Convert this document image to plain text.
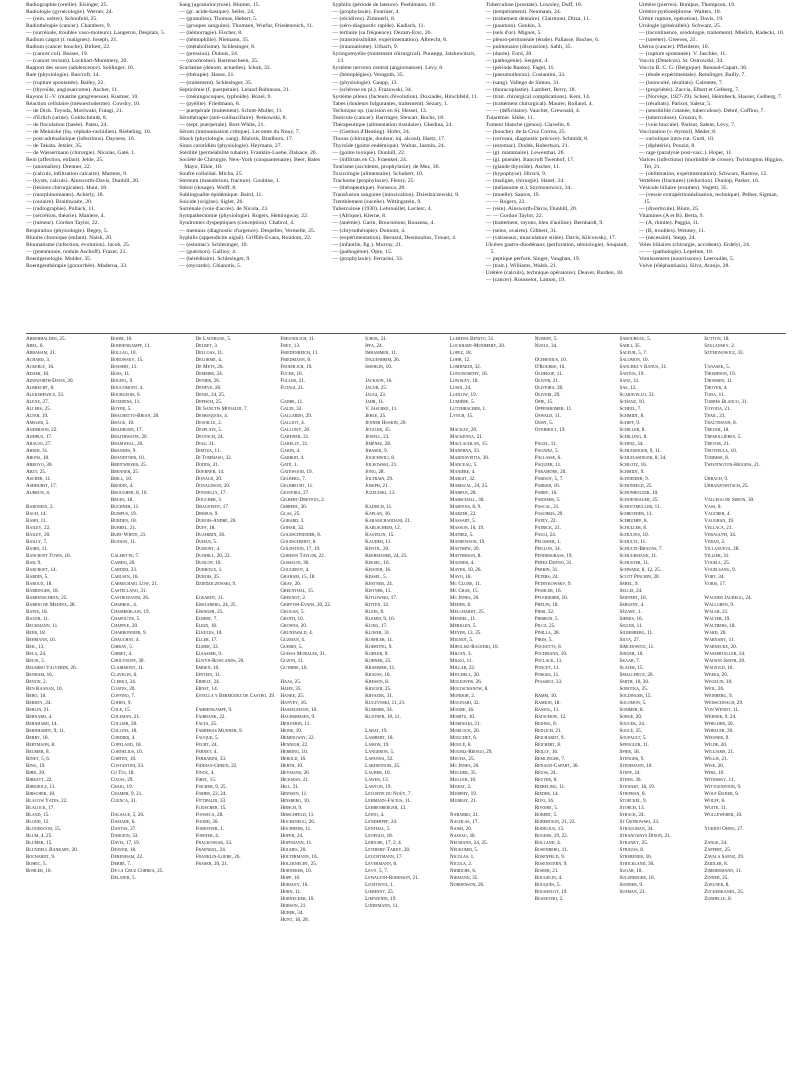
Radiographie (oreille). Eisinger, 25.
Radiologie (gynécologie). Werner, 24.
— (rein, urètre). Schonfeld, 25.
Radiothérapie (cancer). Chambers, 9.
— (surrénale, troubles vaso-moteurs). Langeron, Desplats, 5.
Radium catgut (t. malignes). Joseph, 21.
Radium (cancer bouche). Birkett, 22.
— (cancer col). Busser, 19.
— (cancer rectum). Lockhart-Mummery, 20.
Rapport des sexes (adolescence). Soldinger, 16.
Rate (physiologie). Barcroft, 14.
— (rupture spontanée). Bailey, 22.
— (thyroïde, angiosarcome). Ascher, 11.
Rayons U.-V. (mastite gangreneuse). Kustner, 10.
Réaction cellulaire (mésoectoderme). Cowdry, 10.
— de Dick. Toyoda, Moriwaki, Futagi, 21.
— d'Erlich (urine). Goldschmidt, 8.
— de floculation (basée). Pateu, 24.
— de Meinicke (liq. céphalo-rachidien). Riebeling, 10.
— post-adrénalinique (infections). Dayness, 16.
— de Takata. Jetzler, 35.
— de Wassermann (chirurgie). Nicolas, Gaté, 1.
Rein (affection, enfant). Jehle, 25.
— (anomalies). Drenner, 22.
— (calculs, infiltration calcaire). Martens, 9.
— (kyste, calculs). Ainsworth-Davis, Dunhill, 20.
— (lésions chirurgicales). Hunt, 18.
— (morphinomanes). Ackerly, 18.
— (ouraire). Braithwaite, 20.
— (radiographie). Pollack, 11.
— (sécrétion, théorie). Maniere, 4.
— (tumeur). Gordon Taylor, 22.
Respiration (physiologie). Begey, 5.
Rhinite chronique (enfant). Naish, 20.
Rhumatisme (infection, évolution). Jacob, 25.
— (pneumonie, nodule Aschoff). Frazer, 21.
Roentgenologie. Mulder, 35.
Roentgenthérapie (gonorrhée). Maderna, 33.
Sang (agranulocytose). Blumer, 15.
— (gr. acide-basique). Sellei, 24.
— (granulies). Thomas, Hebert, 5.
— (groupes sanguins). Thomsen, Wurfar, Friedenreich, 11.
— (hémorragie). Fischer, 8.
— (hémophilie). Niemann, 35.
— (métabolisme). Schlesinger, 8.
— (pression). Dubois, 24.
— (urochrome). Barrenscheen, 25.
Scarlatine (dénom. actuelles). Ichok, 32.
— (thérapie). Hasse, 21.
— (traitement). Schlesinger, 35.
Septicémie (f. puerpérale). Leland Robinson, 21.
— (méningocoques, typhoïde). Bozel, 9.
— (pyélite). Friedmann, 8.
— puerpérale (traitement). Schott-Muller, 11.
Sérothérapie (anti-colibacillaire). Petkowski, 8.
— (sept. puerpérale). Burt-White, 21.
Sérum (immunisation critique). Lecomte du Nouy, 7.
Shock (physiologie, sang). Blalock, Bradburn, 17.
Sinus carotidien (physiologie). Heymans, 27.
Stérilité (perméabilité tubaire). Franklin-Loebe, Dalsace, 26.
Société de Chirurgie, New-York (cinquantenaire). Beer, Bates Mayo, Elkie, 18.
Soufre colloïdal. Micha, 25.
Sternum (manubrium, fracture). Goubine, 1.
Stérol (dosage). Wolff, 8.
Sublingualite épidémique. Baird, 11.
Suicide (origine). Sigler, 26.
Surrénale (voie d'accès). de Nicola, 23.
Sympathectomie (physiologie). Rogers, Hemingway, 22.
Syndromes dyspeptiques (conception). Chabrol, 4.
— mentaux (diagnostic d'urgence). Despeller, Vermelle, 25.
Syphilis (appendicite aiguë). Griffith-Evans, Roudom, 22.
— (estomac). Schlesinger, 10.
— (guérison). Gallioy, 4.
— (héréditaire). Schlesinger, 9.
— (mycarde). Chianotis, 5.
Syphilis (période de latence). Poehlmann, 10.
— (prophylaxie). Fournier, 4.
— (récidives). Zimmerli, 8.
— (séro-diagnostic rapide). Kadisch, 11.
— tertiaire (sa fréquence). Dezam-Ersc, 26.
— (transmissibilité, expérimentation). Albrecht, 8.
— (traumatisme). Urbach, 9.
Syringomyélie (traitement chirurgical). Puusepp, Jatzkewitsch, 13.
Système nerveux central (angiomatose). Levy, 8.
— (hémiplégies). Veraguth, 35.
— (physiologie). Gaupp, 13.
— (sclérose en pl.). Frazowski, 34.
Système pileux (facteurs d'évolution). Doxiadès, Hirschfeld, 11.
Tabes (douleurs fulgurantes, traitement). Sézary, 1.
Technique op. (incision en S). Hessel, 13.
Testicule (cancer). Barringer, Stewart, Bochs, 18.
Thérapeutique (alimentation tissulaire). Ghedina, 24.
— (Gestion d'Heating). Hofer, 24.
Thorax (chirurgie, douleur, inj. alcool). Hartz, 17.
Thyroïde (goitre endémique). Walras, Jasmin, 24.
— (goitre toxique). Dunhill, 22.
— (infiltrats en C). Fraenkel, 24.
Tourisme (accidents, prophylaxie). de Mez, 36.
Toxicologie (alimentaire). Schubert, 10.
Trachome (prophylaxie). Fleury, 25.
— (thérapeutique). Fonseca, 28.
Transfusion sanguine (intoxication). Dziedziczewski, 9.
Tremblement (sucelie). Wittingstein, 9.
Tuberculose (1930). Lebrouillet, Leclerc, 4.
— (Afrique). Klerne, 8.
— (anémie). Garin, Boucomont, Rouzeau, 4.
— (chrysothérapie). Dumont, 4.
— (expérimentation). Bernard, Desmoulins, Trouer, 4.
— (infantile, fig.). Murray, 21.
— (pathogénie). Opie, 15.
— (prophylaxie). Ferrarini, 33.
Tuberculose (prostate). Lowsley, Duff, 18.
— (tempérament). Neumann, 24.
— (traitement dentaire). Clairmont, Ditza, 11.
— (poumon). Genkin, 3.
— (sels d'or). Mignot, 5.
— pleuro-péritonéale (étude). Pallasse, Bocher, 6.
— pulmonaire (discussion). Sahli, 35.
— (durée). Ford, 20.
— (pathogénie). Sergent, 4.
— (période Ranke). Fagel, 11.
— (pneumothorax). Costantini, 33.
— (sang). Vallego de Simon, 31.
— (thoracoplastie). Lambert, Berry, 18.
— (trait. chirurgical complications). Kent, 14.
— (traitement chirurgical). Maurer, Rolland, 4.
— — (déficitaire). Vaucher, Grewnald, 4.
Tularémie. Sikke, 11.
Tumeur blanche (genou). Clavelin, 6.
— (bouche). de la Cruz Correa, 25.
— (cerveau, diagnostic précoce). Schmidt, 8.
— (estomac). Dodds, Robertson, 21.
— (gl. mammaire). Lewenthal, 26.
— (gl. pinéale). Bancroft Twenhof, 17.
— (glande thyroïde). Ascher, 11.
— (hypophyse). Hirsch, 9.
— (maligne, chirurgie). Hanel, 24.
— (mélanome st.). Szymonowicz, 34.
— (moelle). Santos, 19.
— — Rogers, 22.
— (rein). Ainsworth-Davis, Dunhill, 20.
— — Gordon Taylor, 22.
— (traitement, rayons, bleu d'aniline). Bernhardt, 9.
— (seins, ovaires). Gibbert, 31.
— (vaisseaux, musculature striée). Davis, Kilcowsky, 17.
Ulcères gastro-duodénaux (perforation, sémiologie). Soupault, 5.
— peptique perforé. Singer, Vaughan, 19.
— (trait.). Williams, Walsh, 21.
Urétère (calculs), technique opératoire). Deaver, Burden, 18.
— (cancer). Rousselot, Lamon, 19.
Urétère (pierres). Bumpus, Thompson, 19.
Urétéro-pyélonéphrose. Walters, 18.
Urètre rupture, opération). Davis, 19.
Urologie (généralités). Schwarz, 25.
— (incontinence, urodologie, traitement). Mielich, Radecki, 10.
— (ureéter). Greeves, 21.
Utérus (cancer). Pfleiderer, 10.
— (rupture spontanée). V. Jaschke, 11.
Vaccin (Dmelcos). St. Ostrowski, 34.
Vaccin B. C. G. (Belgique). Renaud-Capart, 36.
— (étude expérimentale). Remlinger, Bailly, 7.
— (innocuité, résultats). Calmette, 7.
— (propriétés). Zaccia, Elbert et Gelberg, 7.
— (Norvège, 1927-29). Scheel, Heimbeck, Hauser, Gelberg, 7.
— (résultats). Parisot, Saleur, 5.
— (sensibilité cutanée, tuberculose). Debré, Coffino, 7.
— (tuberculose). Gruzon, 6.
— (voie buccale). Parisot, Saleur, Levy, 7.
Vaccination (v. étymol). Meder, 8.
— variolique intra-cut. Gurti, 10.
— (diphtérie). Pouzin, 8.
— rage (paralysie post-vacc.). Hoper, 11.
Varices (infections) (morbidité de crosse). Twistington Higgins, Tel, 21.
— (oblitération, expérimentation). Schwarz, Rastow, 12.
Vertèbres (fractures) (réduction). Dunlop, Parker, 16.
Vésicule biliaire (examen). Vegetti, 35.
— (vessie extrapéritonéalisation, technique). Pelber, Sigman, 15.
— (diverticule). Blum, 25.
Vitamines (A et B). Berta, 9.
— (A, rhinite). Paggia, 11.
— (B, troubles). Wenney, 11.
— (nécessité). Stepp, 24.
Voies biliaires (chirurgie, accidents). Erdelyi, 24.
— — (pathologie). Lepehne, 10.
Vomissement (nourrissons). Leeroullet, 5.
Vulve (éléphantiasis). Silva, Aranjo, 28.
Abderhalden, 25.
Abel, 6.
Abraham, 21.
Achard, 3.
Ackerly, 16.
Adami, 10.
Ainsworth-Davis, 20.
Albrecht, 8.
Alekshewicz, 33.
Alexe, 27.
Allers, 25.
Alter, 19.
Amsler, 5.
Anderson, 22.
Andrus, 17.
Araujo, 27.
Ardid, 31.
Arons, 18.
Arroyo, 30.
Arzt, 25.
Ascher, 11.
Ashhurst, 17.
Aubrun, 4.

Baboneix, 2.
Bach, 14.
Bahn, 11.
Bailey, 22.
Bailey, 20.
Bailly, 7.
Baird, 11.
Bancroft Town, 18.
Bar, 9.
Barcroft, 14.
Bardin, 5.
Baroux, 18.
Barringer, 18.
Barrenscheen, 25.
Barrio de Medina, 28.
Bates, 18.
Bauer, 11.
Beckmann, 11.
Beer, 18.
Behmann, 10.
Beil, 13.
Bela, 24.
Belin, 5.
Belmiro Valverde, 26.
Benham, 16.
Benon, 2.
Ben Raanan, 10.
Bero, 16.
Berkey, 24.
Berlin, 21.
Bernard, 4.
Bernhard, 14.
Bernhardt, 9, 11.
Berry, 18.
Bertmann, 8.
Beumer, 8.
Binet, 5, 6.
Bing, 19.
Bird, 20.
Birkett, 22.
Birkholz, 11.
Birscher, 10.
Blacow Yates, 22.
Blalock, 17.
Bland, 15.
Blond, 12.
Bloodgood, 15.
Blum, 4, 25.
Blumer, 15.
Blundell Bankart, 20.
Bochardt, 9.
Bohec, 5.
Bohler, 10.
Bohm, 10.
Bohnenkampf, 11.
Bollag, 10.
Borowsky, 15.
Bossert, 11.
Boss, 11.
Boufel, 9.
Boucomont, 4.
Bourgeois, 6.
Boxidens, 11.
Boyer, 5.
Brachetto-Brian, 28.
Brack, 10.
Bradburn, 17.
Braithwaite, 20.
Bramwell, 20.
Brandes, 9.
Brandtner, 10.
Breitwieser, 25.
Brenner, 25.
Brill, 10.
Brodin, 4.
Brougher, 8, 10.
Brues, 18.
Buchner, 11.
Bumpus, 19.
Burden, 18.
Burrel, 21.
Burt-White, 21.
Busson, 11.

Calmette, 7.
Camesi, 20.
Cardini, 23.
Carlsen, 16.
Carmichael Low, 21.
Castellano, 31.
Castrodanni, 26.
Chabrol, 4.
Chamberlain, 19.
Chapoutis, 5.
Chapple, 20.
Charbonnier, 9.
Chauchat, 4.
Chiray, 5.
Chiret, 4.
Cholitsoff, 30.
Clairmont, 11.
Clavelin, 6.
Clerici, 34.
Coates, 20.
Coffino, 7.
Cohen, 9.
Cole, 15.
Coleman, 21.
Collier, 20.
Collins, 18.
Cordier, 4.
Copeland, 18.
Cornelius, 10.
Corten, 10.
Costantini, 33.
Co Tui, 18.
Cozas, 29.
Craig, 19.
Cramer, 9, 21.
Cuenca, 31.

Dalsace, 5, 26.
Damade, 6.
Dantas, 27.
Dargein, 33.
Davis, 17, 19.
Deaver, 18.
Debenham, 22.
Debré, 7.
De la Cruz Correa, 25.
Delater, 5.
De Lavergne, 5.
Delbet, 3.
Delloas, 11.
Delorme, 4.
De Mets, 26.
Demmer, 24.
Denier, 26.
Denève, 26.
Deniz, 24, 25.
Depisch, 25.
De Sanctis Monaldi, 7.
Desboquois, 4.
Desoille, 2.
Desplats, 5.
Deutsch, 24.
Diaz, 31.
Dimtza, 11.
Di Tommaso, 32.
Dodds, 21.
Doerner, 14.
Donald, 20.
Donaldson, 20.
Donnelly, 17.
Doucher, 3.
Dragstedt, 17.
Drebus, 9.
Dubois-André, 26.
Duff, 18.
Dujardin, 26.
Duhan, 5.
Dumont, 4.
Dunhill, 20, 22.
Dunlop, 16.
Durroux, 1.
Dubois, 25.
Dziedziczewski, 9.

Eckardt, 11.
Eiselsberg, 24, 25.
Eisinger, 25.
Elbert, 7.
Elkin, 18.
Elkeles, 10.
Eller, 17.
Elmer, 33.
Elsasser, 9.
Elwyn-Rowlands, 20.
Emden, 10.
Epstein, 11.
Erbelt, 24.
Ernst, 14.
Estella y Bermúdez de Castro, 29.

Fahrenkampf, 9.
Fairbank, 22.
Falta, 25.
Farreras Munner, 9.
Fauque, 5.
Fecht, 24.
Fernet, 4.
Ferrarini, 33.
Fiddian-Green, 22.
Finck, 4.
First, 15.
Fischer, 9, 25.
Fisher, 22, 24.
Fittipaldi, 33.
Fleischer, 15.
Fonseca, 28.
Foord, 20.
Forestier, 1.
Fortier, 4.
Frackowiak, 33.
Fraenkel, 24.
Franklin-Loebe, 26.
Fraser, 20, 21.
Freundlich, 11.
Frey, 13.
Friedenreich, 11.
Friedmann, 8.
Froehlich, 10.
Fuchs, 10.
Fuller, 21.
Futagi, 21.

Gabbe, 11.
Galdi, 32.
Gallardo, 29.
Galliot, 4.
Gallowy, 20.
Gardner, 21.
Garelly, 31.
Garin, 4.
Garrod, 4.
Gaté, 1.
Gatewood, 19.
Gelberg, 7.
Gelbrecht, 11.
Gesteira, 27.
Gilbert-Dreyfus, 2.
Gibbert, 30.
Glas, 25.
Gobard, 3.
Gohar, 32.
Goldschneider, 8.
Goldschmidt, 8.
Goldstein, 17, 19.
Gordon Taylor, 22.
Gosselin, 36.
Gougerot, 4.
Graham, 15, 18.
Gray, 20.
Greenthal, 15.
Greenot, 2.
Griffith-Evans, 20, 22.
Grogan, 5.
Groth, 10.
Growes, 20.
Grunewald, 4.
Guzman, 4.
Guerin, 5.
Guissa Morales, 31.
Guzon, 11.
Guthrie, 10.

Haas, 25.
Hahn, 35.
Hanke, 25.
Hanvey, 16.
Hasselmann, 10.
Hauerbeisen, 9.
Heilferin, 11.
Heine, 10.
Hemingway, 22.
Hennigh, 22.
Herring, 10.
Herold, 16.
Herth, 10.
Heymans, 26.
Hickman, 21.
Hill, 21.
Hinnsen, 11.
Hinsberg, 10.
Hirsch, 9.
Hirschfeld, 11.
Hochenegg, 26.
Hochheim, 11.
Hofer, 24.
Hoffmann, 11.
Holmes, 20.
Holtermann, 10.
Holzknecht, 25.
Horneker, 10.
Hopp, 10.
Horsley, 16.
Horn, 11.
Hornecker, 10.
Hobson, 21.
Huber, 34.
Hunt, 18, 28.
Ichok, 31.
Iffa, 24.
Imhammer, 11.
Inguenheim, 26.
Isserlin, 10.

Jackson, 16.
Jacob, 25.
Jaggi, 23.
Jahr, 11.
V. Jaschke, 11.
Jehle, 25.
Jenner Hoskin, 20.
Jetzler, 35.
Jewell, 21.
Jiménez, 28.
Jirasek, 9.
Jogichwili, 8.
Jolkowski, 21.
Jong, 28.
Joltrain, 29.
Joseph, 21.
Juzeleski, 13.

Kadisch, 11.
Kaplan, 16.
Karamchandani, 21.
Karlscheim, 12.
Kastelin, 15.
Kaudeh, 11.
Kentil, 20.
Keermaner, 24, 25.
Keesel, 16.
Keister, 16.
Kessel, 5.
Kestner, 24.
Kistner, 11.
Kitlowski, 17.
Kitten, 32.
Klein, 8.
Klemm, 9, 10.
Kling, 17.
Kliwer, 31.
Koehler, 11.
Koerting, 9.
Kohler, 9.
Kohner, 25.
Krammer, 11.
Krauss, 10.
Kressin, 8.
Kruger, 25.
Kryszek, 31.
Kuczynski, 11, 21.
Kummer, 34.
Kustner, 10, 11.

Labat, 19.
Lambert, 18.
Lamon, 19.
Langeron, 5.
Lapenna, 32.
Lardennois, 25.
Lauber, 10.
Lawen, 13.
Lawton, 19.
Lecomte du Noüy, 7.
Lehmann-Facius, 11.
Lehrenberger, 13.
Leino, 4.
Lenderpff, 24.
Lenthal, 5.
Leopold, 18.
Leriche, 17, 2, 4.
Lethiery-Tardy, 20.
Leuchtmann, 17.
Levermann, 8.
Levy, 5, 7.
Lewaleth-Robinson, 21.
Lichtwitz, 1.
Liebesny, 25.
Liefwendi, 19.
Lindemann, 11.
Llerena Benito, 31.
Lockhart-Mummery, 20.
Lopez, 18.
Lohr, 12.
Lombardi, 32.
Longworthy, 16.
Lowsley, 18.
Lusin, 24.
Ludlow, 19.
Lumière, 5.
Lutzhbacher, 1.
Lynch, 15.

Mackay, 20.
Mackenna, 21.
Maclachlan, 15.
Maderna, 33.
Madinaveitia, 30.
Manceau, 5.
Manière, 4.
Margit, 32.
Mariscal, 24, 25.
Marpan, 20.
Marschall, 30.
Martens, 8, 9.
Marzer, 22.
Massart, 5.
Masson, 10, 19.
Mathez, 5.
Mathewson, 19.
Matthew, 20.
Mattheson, 8.
Maurer, 4.
Mayer, 10, 26.
Mayo, 18.
Mc Clure, 11.
Mc Crae, 15.
Mc Innes, 20.
Meder, 8.
Melchardt, 25.
Mendel, 11.
Merklen, 5.
Meyer, 13, 25.
Mignot, 5.
Mieulisz-Racedki, 10.
Milian, 3.
Milko, 11.
Millar, 22.
Mitchell, 20.
Moldaver, 26.
Moltschanow, 8.
Mondor, 2.
Molinari, 32.
Moore, 16.
Moritz, 10.
Moriwaki, 21.
Morlock, 20.
Mouchet, 6.
Moulé, 6.
Mouriz-Riesgo, 29.
Mucha, 25.
Mc Innes, 20.
Mulder, 35.
Muller, 10.
Murat, 2.
Murphy, 19.
Murray, 21.

Nabarro, 21.
Nachlas, 17.
Naish, 20.
Nassau, 30.
Neumann, 24, 25.
Neukomm, 5.
Nicolas, 1.
Nicola, 2.
Nidriche, 6.
Niemann, 35.
Nordenson, 26.
Nubert, 5.
Nuels, 34.

Ochsenius, 10.
O'Rourke, 16.
Oldekop, 11.
Oliver, 21.
Oliveira, 28.
Oliveri, 29.
Opie, 15.
Oppenheimer, 11.
Oswald, 11.
Oury, 5.
Overholt, 19.

Pagel, 11.
Pagniez, 5.
Pallasse, 6.
Paquier, 11.
Paramore, 20.
Parisot, 5, 7.
Parker, 16.
Parry, 16.
Partiser, 5.
Pascal, 21.
Paschkis, 29.
Patey, 22.
Patrick, 21.
Pauli, 24.
Pelissier, 1.
Peillon, 34.
Pendergrass, 19.
Perez Dueno, 31.
Perrin, 31.
Peters, 24.
Petrykowsky, 9.
Pfahler, 16.
Pfleiderer, 10.
Phelps, 18.
Pieri, 32.
Pierron, 5.
Pilcz, 25.
Pinilla, 28.
Pires, 5.
Pocketts, 8.
Pochmann, 10.
Pollack, 11.
Poncet, 11.
Porges, 11.
Ptasseci, 33.

Ramm, 10.
Ramkin, 18.
Rassol, 11.
Ratschow, 12.
Reding, 8.
Redlich, 21.
Reichardt, 9.
Reichert, 8.
Reilly, 16.
Remlinger, 7.
Renaud-Capart, 36.
Reuss, 24.
Reuter, 8.
Riebeling, 11.
Rieder, 14.
Rivo, 16.
Rivoire, 5.
Robert, 5.
Robertson, 21, 22.
Rodelius, 13.
Rogers, 19, 22.
Rolland, 4.
Rosenberg, 11.
Rosenfeld, 9.
Rosenstern, 9.
Rosier, 21.
Rougelin, 4.
Rouquès, 5.
Rousselot, 19.
Russetzki, 2.
Saboureau, 5.
Sahli, 35.
Saleur, 5, 7.
Salomon, 10.
Sanchez y Banus, 31.
Santos, 19.
Sanz, 31.
Sas, 12.
Scaravello, 32.
Schanz, 10.
Scheel, 7.
Schmidt, 8.
Schiff, 9.
Schiller, 8.
Schilling, 8.
Schinz, 34.
Schlesinger, 9, 11.
Schleussinger, 8, 34.
Schlotz, 16.
Schmidt, 9.
Schneider, 9.
Schonfeld, 25.
Schonholzer, 10.
Schoenbauer, 25.
Schottmuller, 11.
Schroeder, 11.
Schrumpf, 8.
Schuller, 8.
Schultes, 10.
Schultz, 11.
Schultz-Brauns, 7.
Schuurmann, 11.
Schuster, 11.
Schwarz, 8, 12, 25.
Scott Pinchin, 20.
Sebel, 9.
Sellei, 24.
Seiffert, 10.
Sergent, 4.
Sézary, 1.
Sierks, 10.
Sigler, 11.
Silberberg, 11.
Silva, 27.
Simchowitz, 11.
Singer, 10.
Skaar, 7.
Slater, 15.
Smallpiece, 20.
Smith, 10, 20.
Sobotka, 25.
Soldinger, 15.
Solomon, 5.
Sommer, 8.
Sorge, 20.
Soucek, 24.
Soulé, 35.
Soupault, 5.
Spengler, 11.
Spier, 18.
Stenger, 9.
Steinmann, 10.
Stepp, 24.
Stern, 36.
Stewart, 18, 19.
Stiephan, 8.
Stoeckel, 9.
Storch, 13.
Strack, 24.
St Ostrowski, 33.
Straughan, 34.
Strangways Dixon, 21.
Stranky, 25.
Strauss, 8.
Strebener, 16.
Strickland, 30.
Sugar, 10.
Sulzberger, 16.
Sumner, 9.
Susman, 21.
Sutton, 18.
Szulansky, 2.
Szymonowicz, 33.

Tanasek, 5.
Thompson, 19.
Thomsen, 11.
Thoyer, 4.
Toda, 11.
Torres Blanco, 31.
Toyoda, 21.
Trail, 21.
Trautmann, 8.
Treuer, 18.
Tremollières, 5.
Trevor, 21.
Trotzella, 10.
Tubbese, 8.
Twistington-Higgins, 21.

Urbach, 9.
Urbanzowitsch, 25.

Vallego de Simon, 30.
Vass, 8.
Vaucher, 4.
Vaughan, 19.
Vellaca, 21.
Veraguth, 34.
Veran, 2.
Villanueva, 28.
Villier, 31.
Vogell, 25.
Vogelsang, 9.
Vort, 34.
Voris, 17.

Wagner Jauregg, 24.
Wallgren, 9.
Walsh, 21.
Walter, 19.
Walthers, 18.
Ward, 20.
Warnaby, 11.
Warnecke, 20.
Wassertaller, 34.
Watson Smith, 20.
Watzold, 10.
Weeks, 20.
Wegelin, 10.
Weil, 26.
Weinberg, 9.
Weisschnach, 29.
Von Wendt, 11.
Werner, 9, 24.
Whelder, 20.
Wheeler, 20.
Wiesner, 9.
Wilde, 20.
Williams, 21.
Willis, 21.
Wise, 20.
Wirz, 10.
Witebsky, 11.
Wittgenstein, 9.
Wolf Eisner, 9.
Wolff, 8.
Wuite, 11.
Wulleweber, 10.

Yukido Ohno, 27.

Zange, 24.
Zappert, 25.
Zavala Saenz, 29.
Zeidler, 8.
Zimmermann, 11.
Zinner, 25.
Zoelner, 8.
Zuckerkandl, 25.
Zurhelle, 8.
